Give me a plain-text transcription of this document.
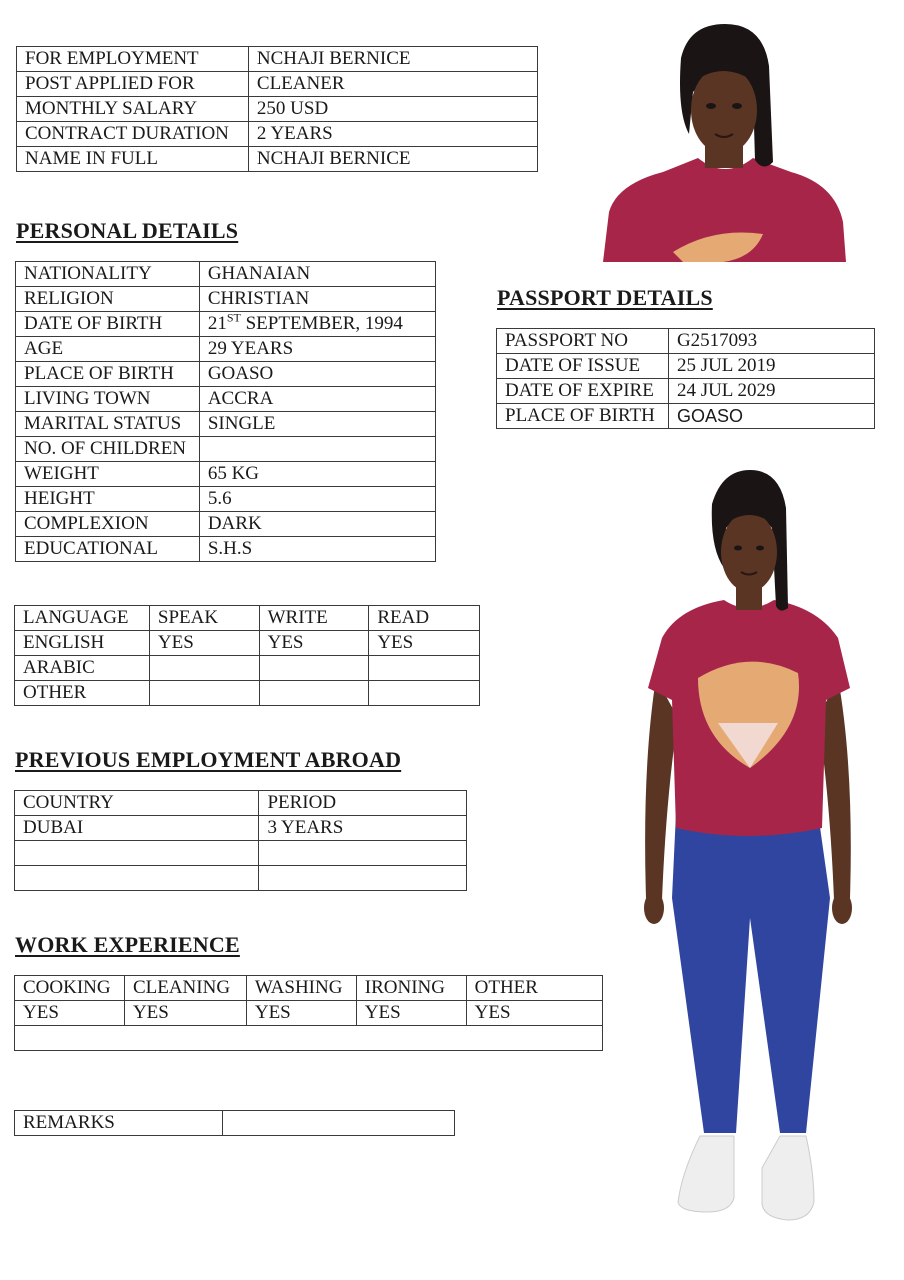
FOR EMPLOYMENT	NCHAJI BERNICE
POST APPLIED FOR	CLEANER
MONTHLY SALARY	250 USD
CONTRACT DURATION	2 YEARS
NAME IN FULL	NCHAJI BERNICE
PERSONAL DETAILS
NATIONALITY	GHANAIAN
RELIGION	CHRISTIAN
DATE OF BIRTH	21ST SEPTEMBER, 1994
AGE	29 YEARS
PLACE OF BIRTH	GOASO
LIVING TOWN	ACCRA
MARITAL STATUS	SINGLE
NO. OF CHILDREN	
WEIGHT	65 KG
HEIGHT	5.6
COMPLEXION	DARK
EDUCATIONAL	S.H.S
PASSPORT DETAILS
PASSPORT NO	G2517093
DATE OF ISSUE	25 JUL 2019
DATE OF EXPIRE	24 JUL 2029
PLACE OF BIRTH	GOASO
LANGUAGE	SPEAK	WRITE	READ
ENGLISH	YES	YES	YES
ARABIC			
OTHER			
PREVIOUS EMPLOYMENT ABROAD
COUNTRY	PERIOD
DUBAI	3 YEARS

WORK EXPERIENCE
COOKING	CLEANING	WASHING	IRONING	OTHER
YES	YES	YES	YES	YES

REMARKS	
